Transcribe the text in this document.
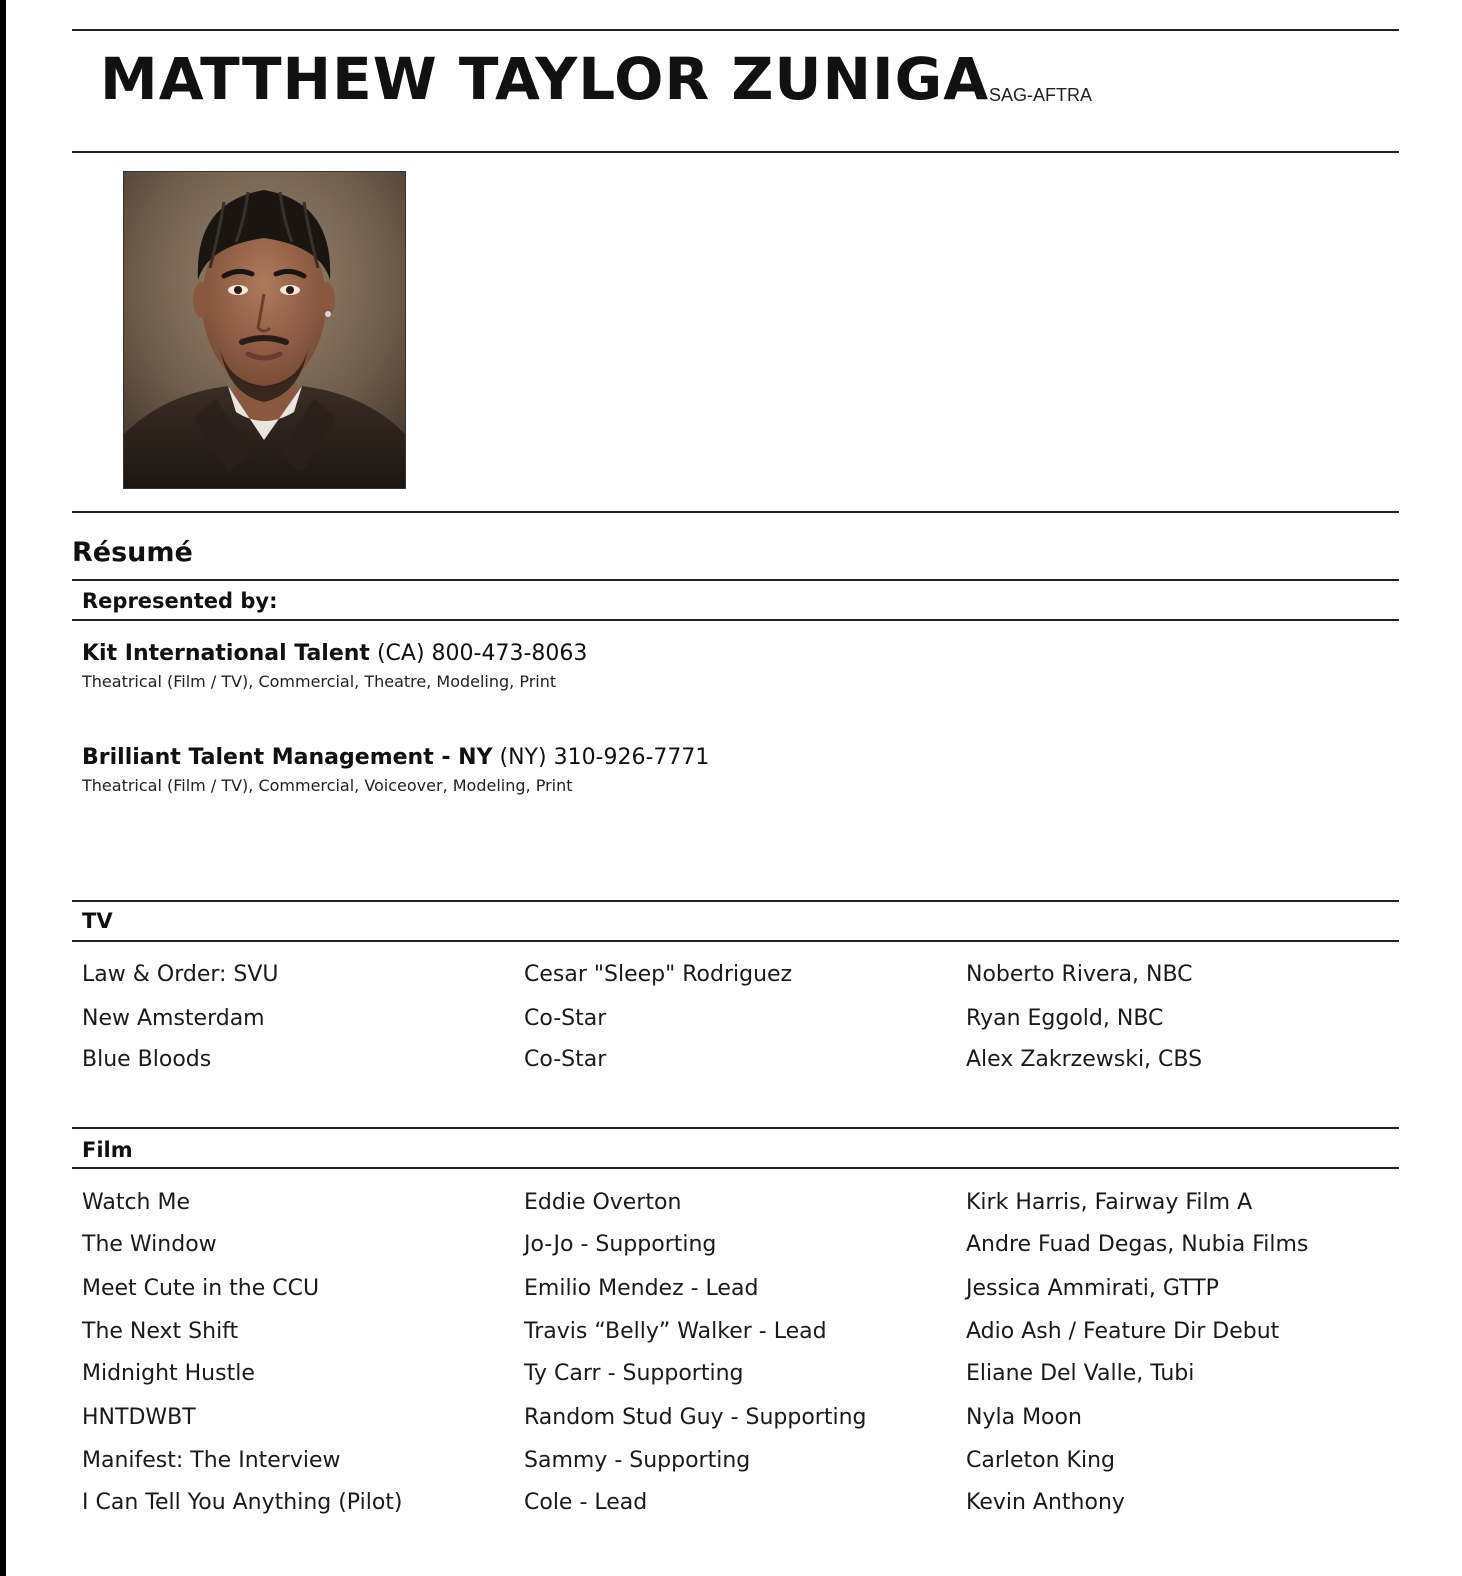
MATTHEW TAYLOR ZUNIGA
- SAG-AFTRA
Résumé
Represented by:
Kit International Talent (CA) 800-473-8063
Theatrical (Film / TV), Commercial, Theatre, Modeling, Print
Brilliant Talent Management - NY (NY) 310-926-7771
Theatrical (Film / TV), Commercial, Voiceover, Modeling, Print
TV
Law & Order: SVU	Cesar "Sleep" Rodriguez	Noberto Rivera, NBC
New Amsterdam	Co-Star	Ryan Eggold, NBC
Blue Bloods	Co-Star	Alex Zakrzewski, CBS
Film
Watch Me	Eddie Overton	Kirk Harris, Fairway Film A
The Window	Jo-Jo - Supporting	Andre Fuad Degas, Nubia Films
Meet Cute in the CCU	Emilio Mendez - Lead	Jessica Ammirati, GTTP
The Next Shift	Travis “Belly” Walker - Lead	Adio Ash / Feature Dir Debut
Midnight Hustle	Ty Carr - Supporting	Eliane Del Valle, Tubi
HNTDWBT	Random Stud Guy - Supporting	Nyla Moon
Manifest: The Interview	Sammy - Supporting	Carleton King
I Can Tell You Anything (Pilot)	Cole - Lead	Kevin Anthony
